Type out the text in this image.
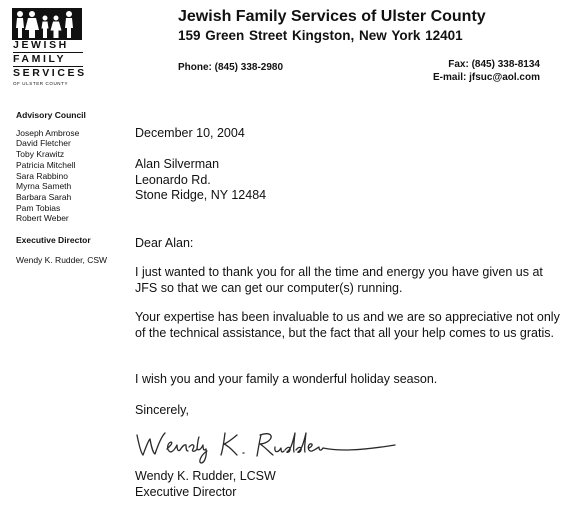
JEWISH
FAMILY
SERVICES
OF ULSTER COUNTY
Jewish Family Services of Ulster County
159 Green Street Kingston, New York 12401
Phone: (845) 338-2980	Fax: (845) 338-8134
E-mail: jfsuc@aol.com
Advisory Council
Joseph Ambrose
David Fletcher
Toby Krawitz
Patricia Mitchell
Sara Rabbino
Myrna Sameth
Barbara Sarah
Pam Tobias
Robert Weber
Executive Director
Wendy K. Rudder, CSW
December 10, 2004
Alan Silverman
Leonardo Rd.
Stone Ridge, NY 12484
Dear Alan:
I just wanted to thank you for all the time and energy you have given us at JFS so that we can get our computer(s) running.
Your expertise has been invaluable to us and we are so appreciative not only of the technical assistance, but the fact that all your help comes to us gratis.
I wish you and your family a wonderful holiday season.
Sincerely,
Wendy K. Rudder, LCSW
Executive Director
